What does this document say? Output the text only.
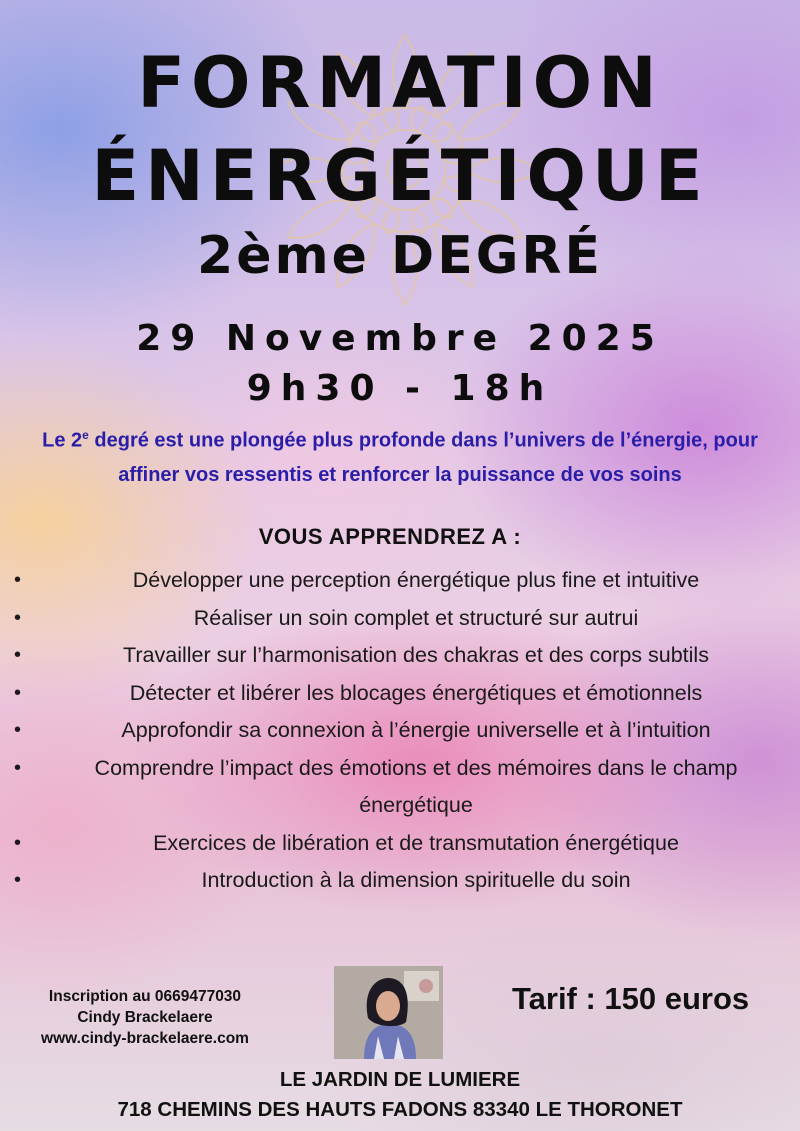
FORMATION
ÉNERGÉTIQUE
2ème DEGRÉ
29 Novembre 2025
9h30 - 18h

Le 2e degré est une plongée plus profonde dans l’univers de l’énergie, pour affiner vos ressentis et renforcer la puissance de vos soins

VOUS APPRENDREZ A :
•	Développer une perception énergétique plus fine et intuitive
•	Réaliser un soin complet et structuré sur autrui
•	Travailler sur l’harmonisation des chakras et des corps subtils
•	Détecter et libérer les blocages énergétiques et émotionnels
•	Approfondir sa connexion à l’énergie universelle et à l’intuition
•	Comprendre l’impact des émotions et des mémoires dans le champ énergétique
•	Exercices de libération et de transmutation énergétique
•	Introduction à la dimension spirituelle du soin
Inscription au 0669477030
Cindy Brackelaere
www.cindy-brackelaere.com
Tarif : 150 euros
LE JARDIN DE LUMIERE
718 CHEMINS DES HAUTS FADONS 83340 LE THORONET
